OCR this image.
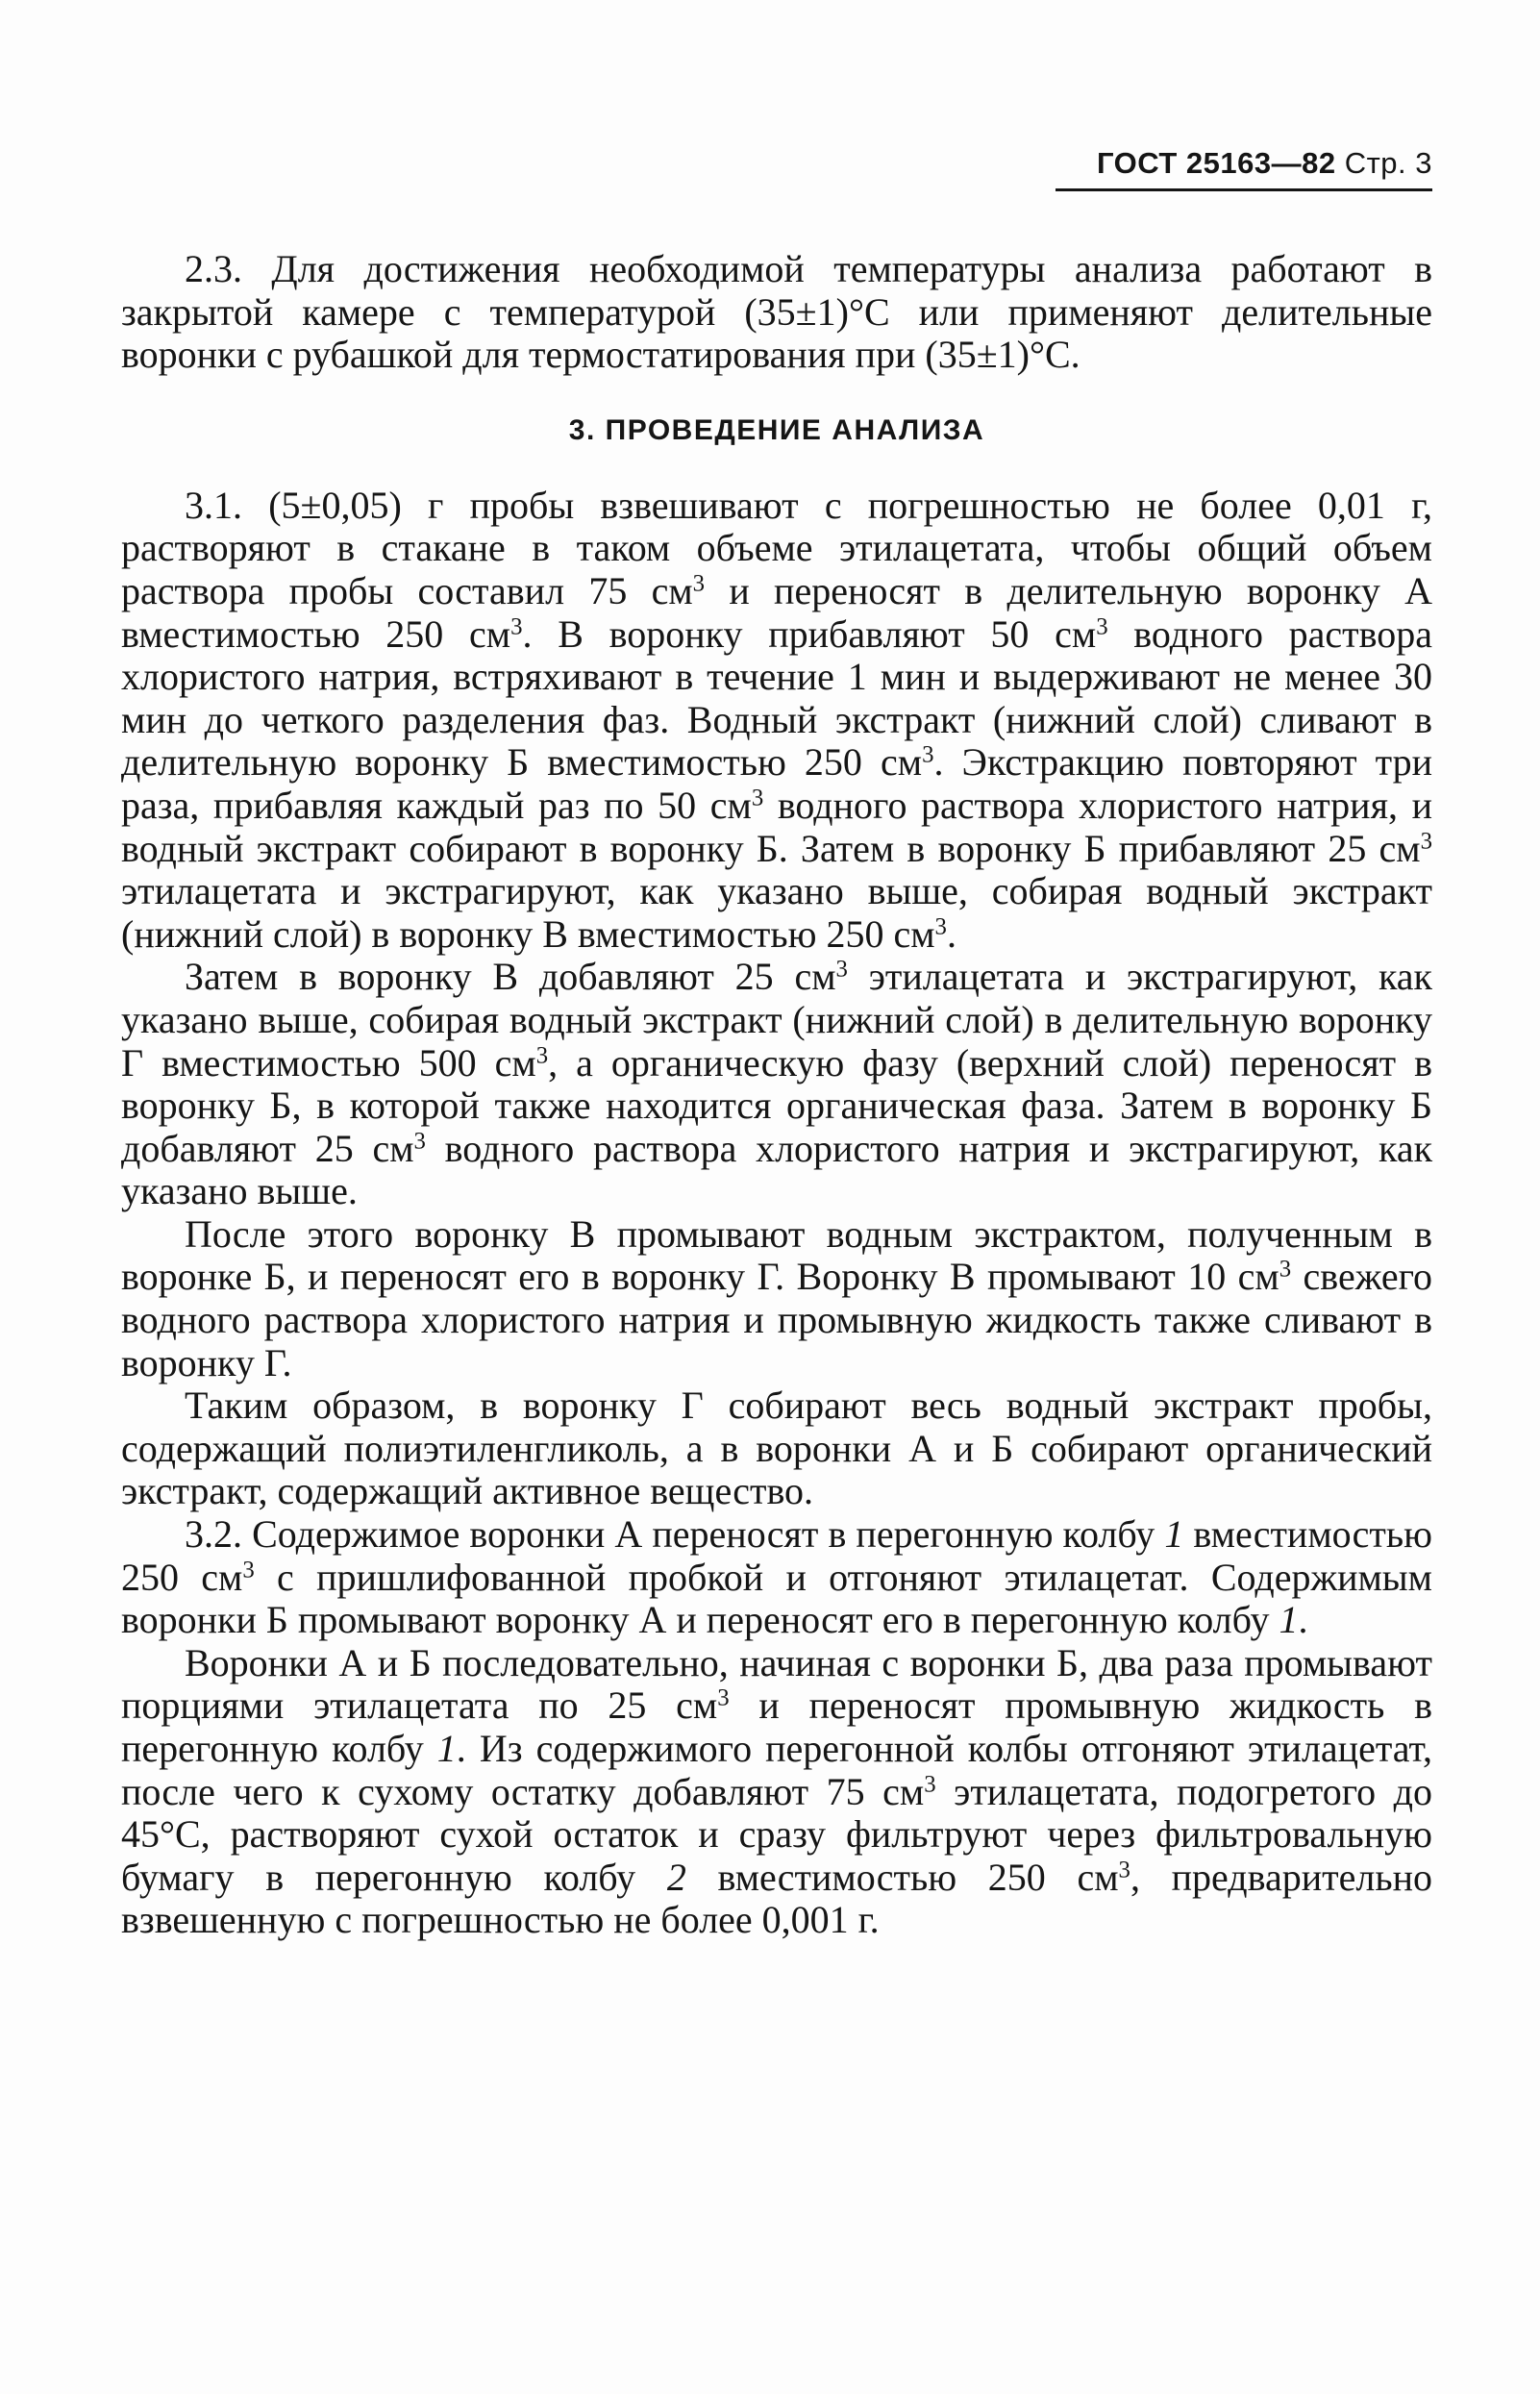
ГОСТ 25163—82 Стр. 3

2.3. Для достижения необходимой температуры анализа работают в закрытой камере с температурой (35±1)°С или применяют делительные воронки с рубашкой для термостатирования при (35±1)°С.

3. ПРОВЕДЕНИЕ АНАЛИЗА

3.1. (5±0,05) г пробы взвешивают с погрешностью не более 0,01 г, растворяют в стакане в таком объеме этилацетата, чтобы общий объем раствора пробы составил 75 $см^3$ и переносят в делительную воронку А вместимостью 250 $см^3$. В воронку прибавляют 50 $см^3$ водного раствора хлористого натрия, встряхивают в течение 1 мин и выдерживают не менее 30 мин до четкого разделения фаз. Водный экстракт (нижний слой) сливают в делительную воронку Б вместимостью 250 $см^3$. Экстракцию повторяют три раза, прибавляя каждый раз по 50 $см^3$ водного раствора хлористого натрия, и водный экстракт собирают в воронку Б. Затем в воронку Б прибавляют 25 $см^3$ этилацетата и экстрагируют, как указано выше, собирая водный экстракт (нижний слой) в воронку В вместимостью 250 $см^3$.

Затем в воронку В добавляют 25 $см^3$ этилацетата и экстрагируют, как указано выше, собирая водный экстракт (нижний слой) в делительную воронку Г вместимостью 500 $см^3$, а органическую фазу (верхний слой) переносят в воронку Б, в которой также находится органическая фаза. Затем в воронку Б добавляют 25 $см^3$ водного раствора хлористого натрия и экстрагируют, как указано выше.

После этого воронку В промывают водным экстрактом, полученным в воронке Б, и переносят его в воронку Г. Воронку В промывают 10 $см^3$ свежего водного раствора хлористого натрия и промывную жидкость также сливают в воронку Г.

Таким образом, в воронку Г собирают весь водный экстракт пробы, содержащий полиэтиленгликоль, а в воронки А и Б собирают органический экстракт, содержащий активное вещество.

3.2. Содержимое воронки А переносят в перегонную колбу 1 вместимостью 250 $см^3$ с пришлифованной пробкой и отгоняют этилацетат. Содержимым воронки Б промывают воронку А и переносят его в перегонную колбу 1.

Воронки А и Б последовательно, начиная с воронки Б, два раза промывают порциями этилацетата по 25 $см^3$ и переносят промывную жидкость в перегонную колбу 1. Из содержимого перегонной колбы отгоняют этилацетат, после чего к сухому остатку добавляют 75 $см^3$ этилацетата, подогретого до 45°С, растворяют сухой остаток и сразу фильтруют через фильтровальную бумагу в перегонную колбу 2 вместимостью 250 $см^3$, предварительно взвешенную с погрешностью не более 0,001 г.
